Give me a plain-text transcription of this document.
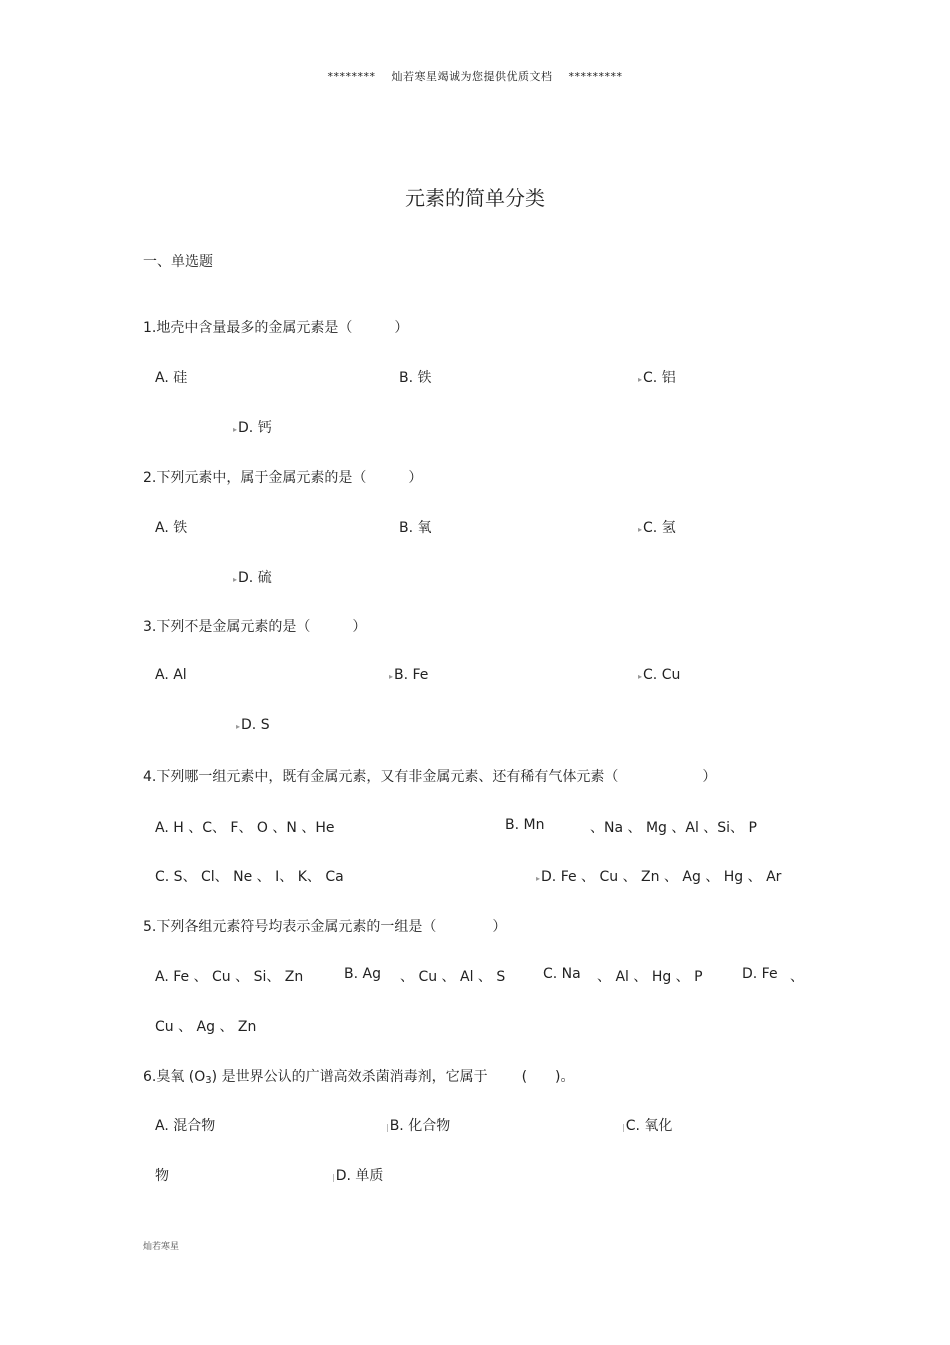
******** 灿若寒星竭诚为您提供优质文档 *********
元素的简单分类
一、单选题
1.地壳中含量最多的金属元素是（　　　）
A. 硅	B. 铁	▸C. 铝
▸D. 钙
2.下列元素中，属于金属元素的是（　　　）
A. 铁	B. 氧	▸C. 氢
▸D. 硫
3.下列不是金属元素的是（　　　）
A. Al	▸B. Fe	▸C. Cu
▸D. S
4.下列哪一组元素中，既有金属元素，又有非金属元素、还有稀有气体元素（　　　　　　）
A. H 、C、 F、 O 、N 、He	B. Mn	、Na 、 Mg 、Al 、Si、 P
C. S、 Cl、 Ne 、 I、 K、 Ca	▸D. Fe 、 Cu 、 Zn 、 Ag 、 Hg 、 Ar
5.下列各组元素符号均表示金属元素的一组是（　　　　）
A. Fe 、 Cu 、 Si、 Zn	B. Ag 、 Cu 、 Al 、 S	C. Na 、 Al 、 Hg 、 P	D. Fe 、
Cu 、 Ag 、 Zn
6.臭氧 (O3) 是世界公认的广谱高效杀菌消毒剂，它属于 (　　)。
A. 混合物	|B. 化合物	|C. 氧化
物	|D. 单质
灿若寒星
